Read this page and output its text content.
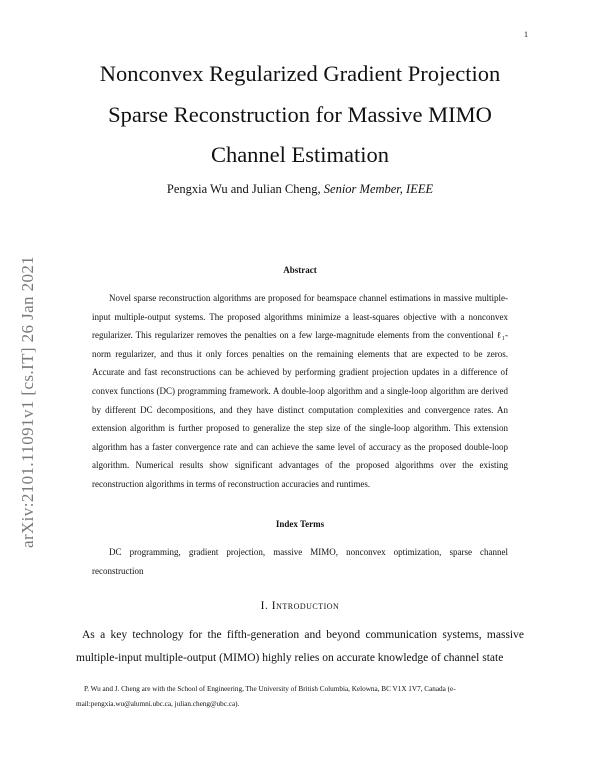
1
arXiv:2101.11091v1 [cs.IT] 26 Jan 2021
Nonconvex Regularized Gradient Projection
Sparse Reconstruction for Massive MIMO
Channel Estimation
Pengxia Wu and Julian Cheng, Senior Member, IEEE
Abstract

Novel sparse reconstruction algorithms are proposed for beamspace channel estimations in massive multiple-input multiple-output systems. The proposed algorithms minimize a least-squares objective with a nonconvex regularizer. This regularizer removes the penalties on a few large-magnitude elements from the conventional ℓ₁-norm regularizer, and thus it only forces penalties on the remaining elements that are expected to be zeros. Accurate and fast reconstructions can be achieved by performing gradient projection updates in a difference of convex functions (DC) programming framework. A double-loop algorithm and a single-loop algorithm are derived by different DC decompositions, and they have distinct computation complexities and convergence rates. An extension algorithm is further proposed to generalize the step size of the single-loop algorithm. This extension algorithm has a faster convergence rate and can achieve the same level of accuracy as the proposed double-loop algorithm. Numerical results show significant advantages of the proposed algorithms over the existing reconstruction algorithms in terms of reconstruction accuracies and runtimes.

Index Terms

DC programming, gradient projection, massive MIMO, nonconvex optimization, sparse channel reconstruction

I. Introduction

As a key technology for the fifth-generation and beyond communication systems, massive multiple-input multiple-output (MIMO) highly relies on accurate knowledge of channel state

P. Wu and J. Cheng are with the School of Engineering, The University of British Columbia, Kelowna, BC V1X 1V7, Canada (e-mail:pengxia.wu@alumni.ubc.ca, julian.cheng@ubc.ca).
